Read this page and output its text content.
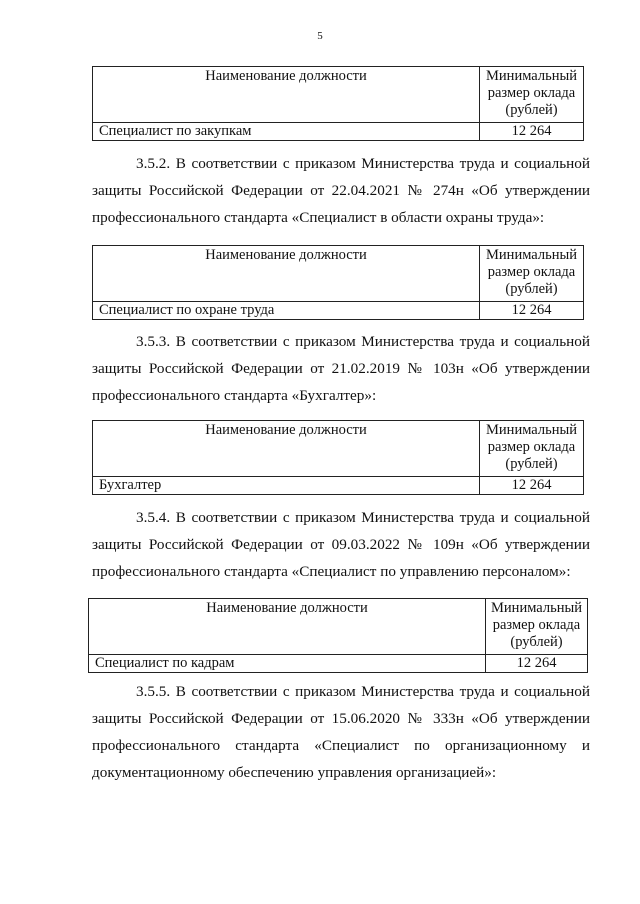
5
Наименование должности	Минимальный размер оклада (рублей)
Специалист по закупкам	12 264

3.5.2. В соответствии с приказом Министерства труда и социальной защиты Российской Федерации от 22.04.2021 № 274н «Об утверждении профессионального стандарта «Специалист в области охраны труда»:

Наименование должности	Минимальный размер оклада (рублей)
Специалист по охране труда	12 264

3.5.3. В соответствии с приказом Министерства труда и социальной защиты Российской Федерации от 21.02.2019 № 103н «Об утверждении профессионального стандарта «Бухгалтер»:

Наименование должности	Минимальный размер оклада (рублей)
Бухгалтер	12 264

3.5.4. В соответствии с приказом Министерства труда и социальной защиты Российской Федерации от 09.03.2022 № 109н «Об утверждении профессионального стандарта «Специалист по управлению персоналом»:

Наименование должности	Минимальный размер оклада (рублей)
Специалист по кадрам	12 264

3.5.5. В соответствии с приказом Министерства труда и социальной защиты Российской Федерации от 15.06.2020 № 333н «Об утверждении профессионального стандарта «Специалист по организационному и документационному обеспечению управления организацией»:
